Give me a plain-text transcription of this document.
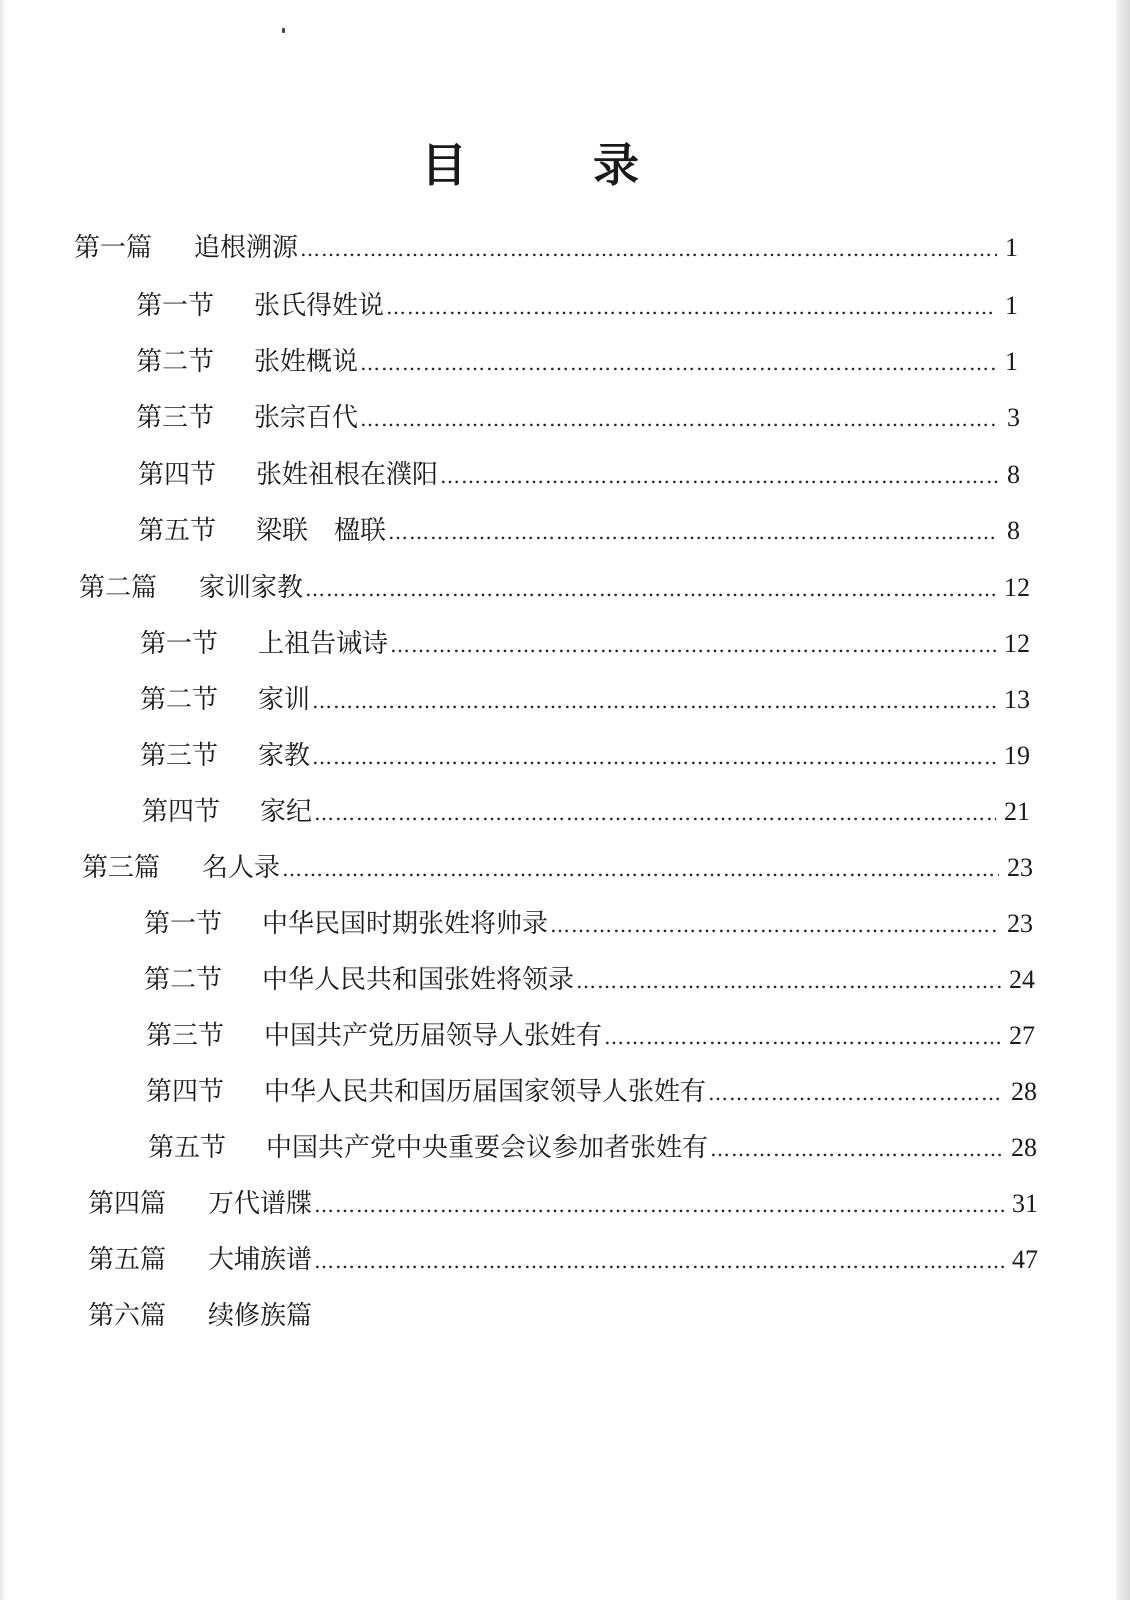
目　录
第一篇	追根溯源 ……………………………………………………………………………………………………………………………………………………………………………………	1
第一节	张氏得姓说 ……………………………………………………………………………………………………………………………………………………………………………………	1
第二节	张姓概说 ……………………………………………………………………………………………………………………………………………………………………………………	1
第三节	张宗百代 ……………………………………………………………………………………………………………………………………………………………………………………	3
第四节	张姓祖根在濮阳 ……………………………………………………………………………………………………………………………………………………………………………………	8
第五节	梁联　楹联 ……………………………………………………………………………………………………………………………………………………………………………………	8
第二篇	家训家教 ……………………………………………………………………………………………………………………………………………………………………………………	12
第一节	上祖告诫诗 ……………………………………………………………………………………………………………………………………………………………………………………	12
第二节	家训 ……………………………………………………………………………………………………………………………………………………………………………………	13
第三节	家教 ……………………………………………………………………………………………………………………………………………………………………………………	19
第四节	家纪 ……………………………………………………………………………………………………………………………………………………………………………………	21
第三篇	名人录 ……………………………………………………………………………………………………………………………………………………………………………………	23
第一节	中华民国时期张姓将帅录 ……………………………………………………………………………………………………………………………………………………………………………………	23
第二节	中华人民共和国张姓将领录 ……………………………………………………………………………………………………………………………………………………………………………………	24
第三节	中国共产党历届领导人张姓有 ……………………………………………………………………………………………………………………………………………………………………………………	27
第四节	中华人民共和国历届国家领导人张姓有 ……………………………………………………………………………………………………………………………………………………………………………………	28
第五节	中国共产党中央重要会议参加者张姓有 ……………………………………………………………………………………………………………………………………………………………………………………	28
第四篇	万代谱牒 ……………………………………………………………………………………………………………………………………………………………………………………	31
第五篇	大埔族谱 ……………………………………………………………………………………………………………………………………………………………………………………	47
第六篇	续修族篇
